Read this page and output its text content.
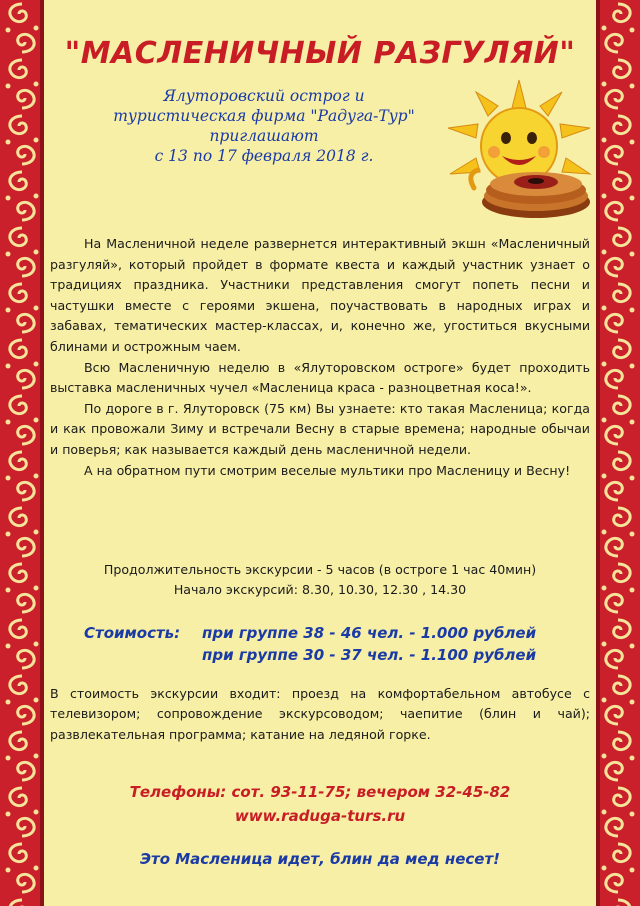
"МАСЛЕНИЧНЫЙ РАЗГУЛЯЙ"
Ялуторовский острог и
туристическая фирма "Радуга-Тур"
приглашают
с 13 по 17 февраля 2018 г.

На Масленичной неделе развернется интерактивный экшн «Масленичный разгуляй», который пройдет в формате квеста и каждый участник узнает о традициях праздника. Участники представления смогут попеть песни и частушки вместе с героями экшена, поучаствовать в народных играх и забавах, тематических мастер-классах, и, конечно же, угоститься вкусными блинами и острожным чаем.

Всю Масленичную неделю в «Ялуторовском остроге» будет проходить выставка масленичных чучел «Масленица краса - разноцветная коса!».

По дороге в г. Ялуторовск (75 км) Вы узнаете: кто такая Масленица; когда и как провожали Зиму и встречали Весну в старые времена; народные обычаи и поверья; как называется каждый день масленичной недели.

А на обратном пути смотрим веселые мультики про Масленицу и Весну!

Продолжительность экскурсии - 5 часов (в остроге 1 час 40мин)
Начало экскурсий: 8.30, 10.30, 12.30 , 14.30
Стоимость: при группе 38 - 46 чел. - 1.000 рублей
при группе 30 - 37 чел. - 1.100 рублей
В стоимость экскурсии входит: проезд на комфортабельном автобусе с телевизором; сопровождение экскурсоводом; чаепитие (блин и чай); развлекательная программа; катание на ледяной горке.
Телефоны: сот. 93-11-75; вечером 32-45-82
www.raduga-turs.ru
Это Масленица идет, блин да мед несет!
